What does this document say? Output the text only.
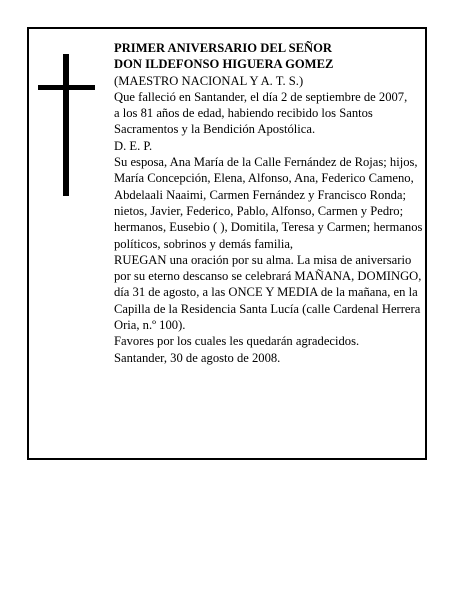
PRIMER ANIVERSARIO DEL SEÑOR

DON ILDEFONSO HIGUERA GOMEZ

(MAESTRO NACIONAL Y A. T. S.)

Que falleció en Santander, el día 2 de septiembre de 2007,

a los 81 años de edad, habiendo recibido los Santos Sacramentos y la Bendición Apostólica.

D. E. P.

Su esposa, Ana María de la Calle Fernández de Rojas; hijos, María Concepción, Elena, Alfonso, Ana, Federico Cameno, Abdelaali Naaimi, Carmen Fernández y Francisco Ronda; nietos, Javier, Federico, Pablo, Alfonso, Carmen y Pedro; hermanos, Eusebio ( ), Domitila, Teresa y Carmen; hermanos políticos, sobrinos y demás familia,

RUEGAN una oración por su alma. La misa de aniversario por su eterno descanso se celebrará MAÑANA, DOMINGO, día 31 de agosto, a las ONCE Y MEDIA de la mañana, en la Capilla de la Residencia Santa Lucía (calle Cardenal Herrera Oria, n.º 100).

Favores por los cuales les quedarán agradecidos.

Santander, 30 de agosto de 2008.
